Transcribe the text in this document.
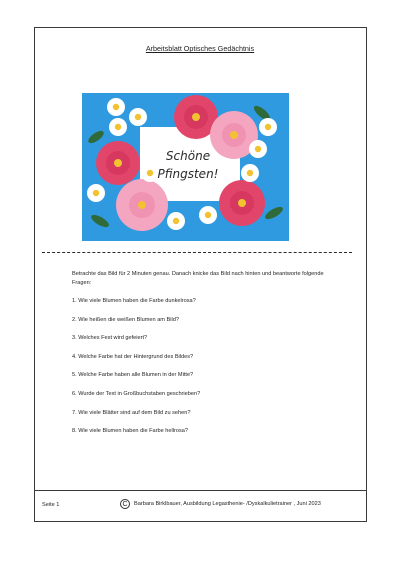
Arbeitsblatt Optisches Gedächtnis
Schöne
Pfingsten!
Betrachte das Bild für 2 Minuten genau. Danach knicke das Bild nach hinten und beantworte folgende Fragen:
1. Wie viele Blumen haben die Farbe dunkelrosa?
2. Wie heißen die weißen Blumen am Bild?
3. Welches Fest wird gefeiert?
4. Welche Farbe hat der Hintergrund des Bildes?
5. Welche Farbe haben alle Blumen in der Mitte?
6. Wurde der Text in Großbuchstaben geschrieben?
7. Wie viele Blätter sind auf dem Bild zu sehen?
8. Wie viele Blumen haben die Farbe hellrosa?
Seite 1	C	Barbara Birklbauer, Ausbildung Legasthenie- /Dyskalkulietrainer , Juni 2023
